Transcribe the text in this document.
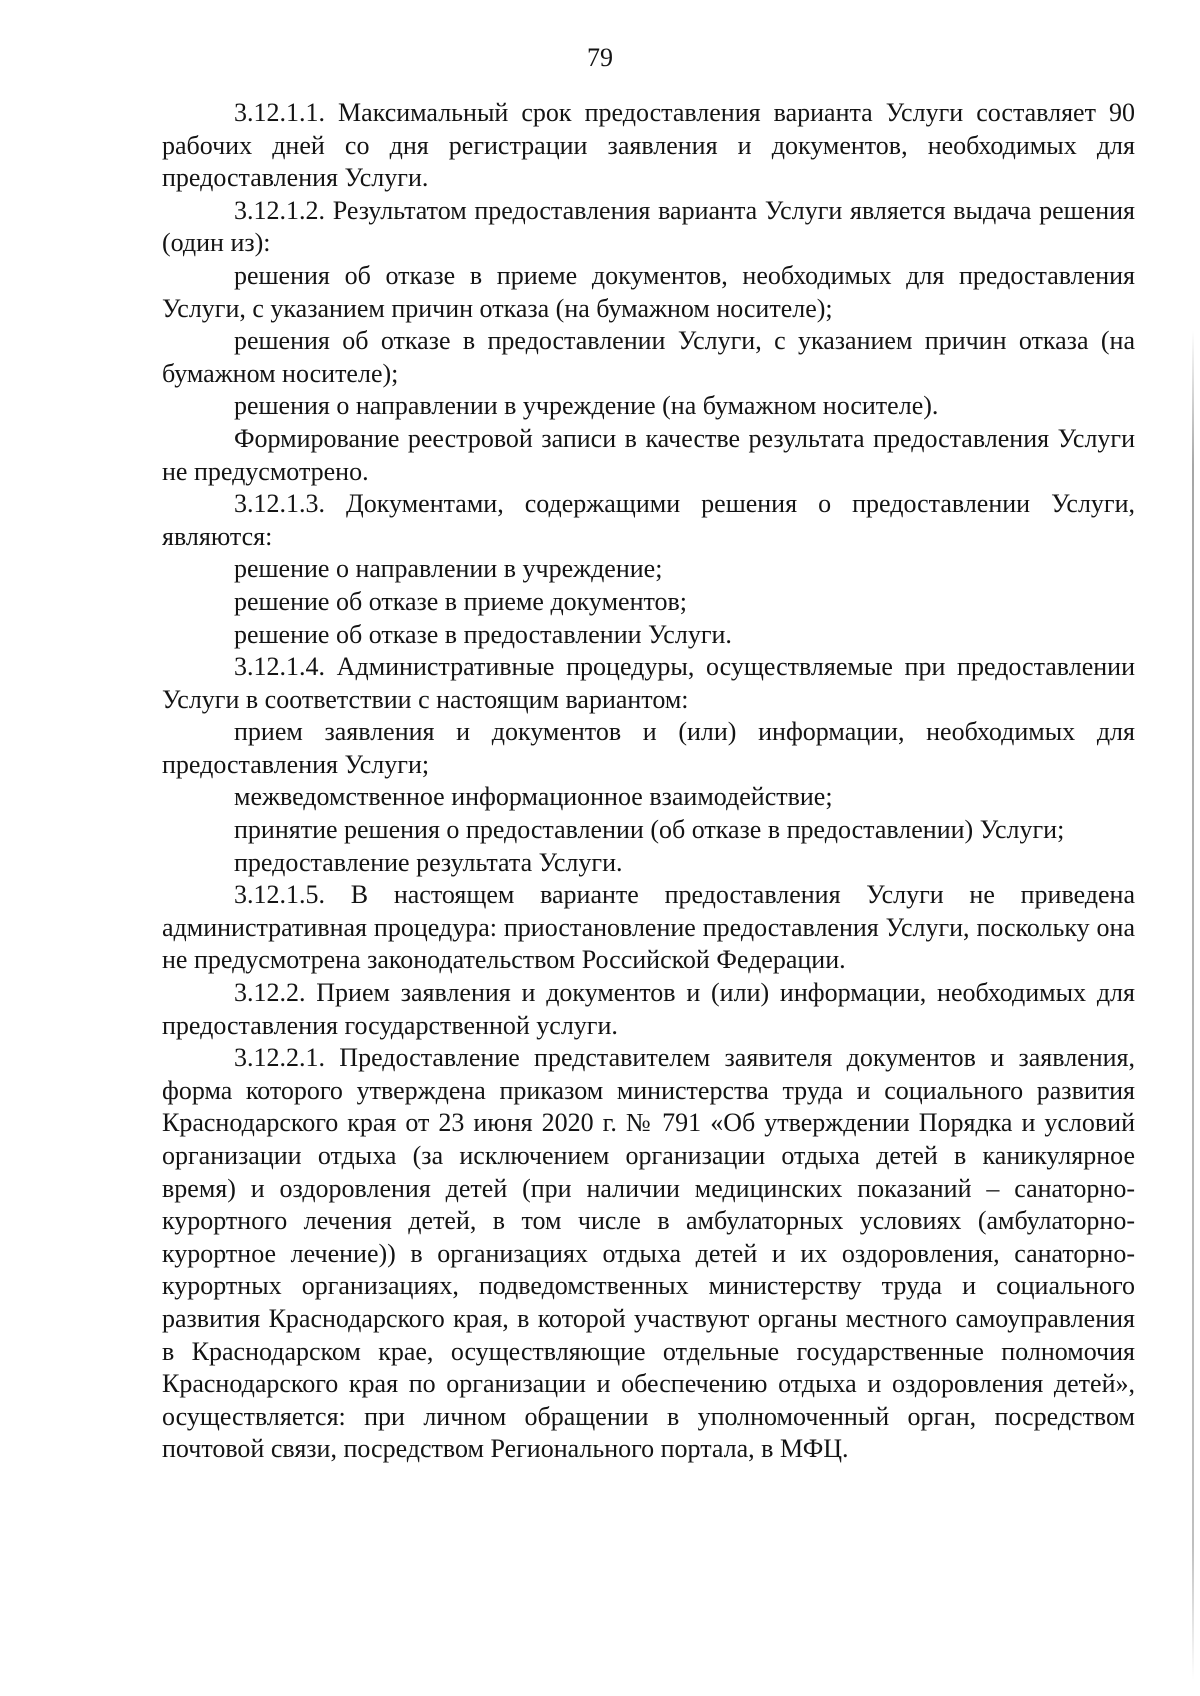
79

3.12.1.1. Максимальный срок предоставления варианта Услуги составляет 90 рабочих дней со дня регистрации заявления и документов, необходимых для предоставления Услуги.

3.12.1.2. Результатом предоставления варианта Услуги является выдача решения (один из):

решения об отказе в приеме документов, необходимых для предоставления Услуги, с указанием причин отказа (на бумажном носителе);

решения об отказе в предоставлении Услуги, с указанием причин отказа (на бумажном носителе);

решения о направлении в учреждение (на бумажном носителе).

Формирование реестровой записи в качестве результата предоставления Услуги не предусмотрено.

3.12.1.3. Документами, содержащими решения о предоставлении Услуги, являются:

решение о направлении в учреждение;

решение об отказе в приеме документов;

решение об отказе в предоставлении Услуги.

3.12.1.4. Административные процедуры, осуществляемые при предоставлении Услуги в соответствии с настоящим вариантом:

прием заявления и документов и (или) информации, необходимых для предоставления Услуги;

межведомственное информационное взаимодействие;

принятие решения о предоставлении (об отказе в предоставлении) Услуги;

предоставление результата Услуги.

3.12.1.5. В настоящем варианте предоставления Услуги не приведена административная процедура: приостановление предоставления Услуги, поскольку она не предусмотрена законодательством Российской Федерации.

3.12.2. Прием заявления и документов и (или) информации, необходимых для предоставления государственной услуги.

3.12.2.1. Предоставление представителем заявителя документов и заявления, форма которого утверждена приказом министерства труда и социального развития Краснодарского края от 23 июня 2020 г. № 791 «Об утверждении Порядка и условий организации отдыха (за исключением организации отдыха детей в каникулярное время) и оздоровления детей (при наличии медицинских показаний – санаторно-курортного лечения детей, в том числе в амбулаторных условиях (амбулаторно-курортное лечение)) в организациях отдыха детей и их оздоровления, санаторно-курортных организациях, подведомственных министерству труда и социального развития Краснодарского края, в которой участвуют органы местного самоуправления в Краснодарском крае, осуществляющие отдельные государственные полномочия Краснодарского края по организации и обеспечению отдыха и оздоровления детей», осуществляется: при личном обращении в уполномоченный орган, посредством почтовой связи, посредством Регионального портала, в МФЦ.
